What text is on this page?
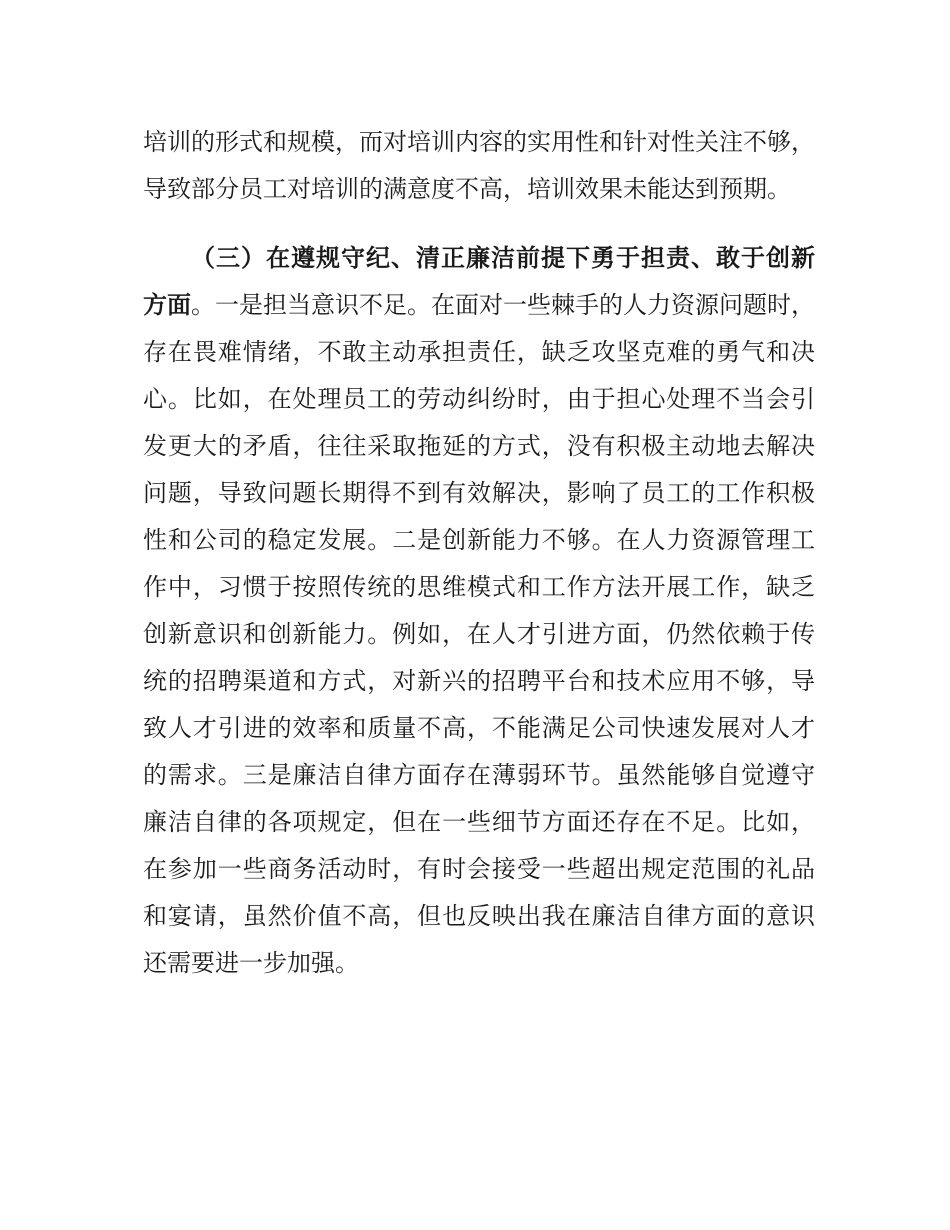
培训的形式和规模，而对培训内容的实用性和针对性关注不够，
导致部分员工对培训的满意度不高，培训效果未能达到预期。
（三）在遵规守纪、清正廉洁前提下勇于担责、敢于创新
方面。一是担当意识不足。在面对一些棘手的人力资源问题时，
存在畏难情绪，不敢主动承担责任，缺乏攻坚克难的勇气和决
心。比如，在处理员工的劳动纠纷时，由于担心处理不当会引
发更大的矛盾，往往采取拖延的方式，没有积极主动地去解决
问题，导致问题长期得不到有效解决，影响了员工的工作积极
性和公司的稳定发展。二是创新能力不够。在人力资源管理工
作中，习惯于按照传统的思维模式和工作方法开展工作，缺乏
创新意识和创新能力。例如，在人才引进方面，仍然依赖于传
统的招聘渠道和方式，对新兴的招聘平台和技术应用不够，导
致人才引进的效率和质量不高，不能满足公司快速发展对人才
的需求。三是廉洁自律方面存在薄弱环节。虽然能够自觉遵守
廉洁自律的各项规定，但在一些细节方面还存在不足。比如，
在参加一些商务活动时，有时会接受一些超出规定范围的礼品
和宴请，虽然价值不高，但也反映出我在廉洁自律方面的意识
还需要进一步加强。
